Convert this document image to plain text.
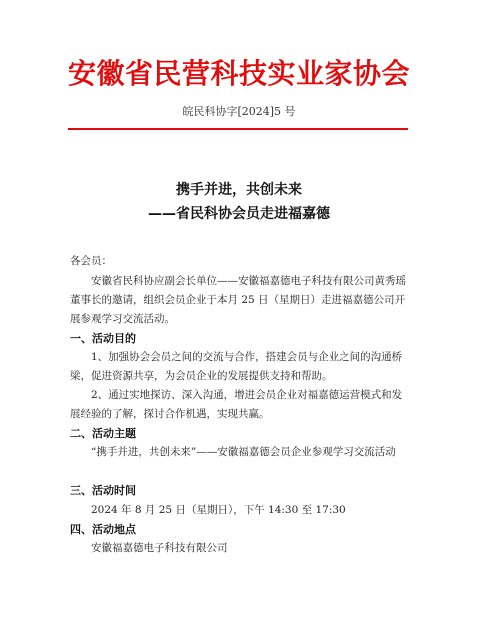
安徽省民营科技实业家协会
皖民科协字[2024]5 号
携手并进，共创未来
——省民科协会员走进福嘉德
各会员：
安徽省民科协应副会长单位——安徽福嘉德电子科技有限公司黄秀瑶董事长的邀请，组织会员企业于本月 25 日（星期日）走进福嘉德公司开展参观学习交流活动。
一、活动目的
1、加强协会会员之间的交流与合作，搭建会员与企业之间的沟通桥梁，促进资源共享，为会员企业的发展提供支持和帮助。
2、通过实地探访、深入沟通，增进会员企业对福嘉德运营模式和发展经验的了解，探讨合作机遇，实现共赢。
二、活动主题
“携手并进，共创未来”——安徽福嘉德会员企业参观学习交流活动
三、活动时间
2024 年 8 月 25 日（星期日），下午 14:30 至 17:30
四、活动地点
安徽福嘉德电子科技有限公司
